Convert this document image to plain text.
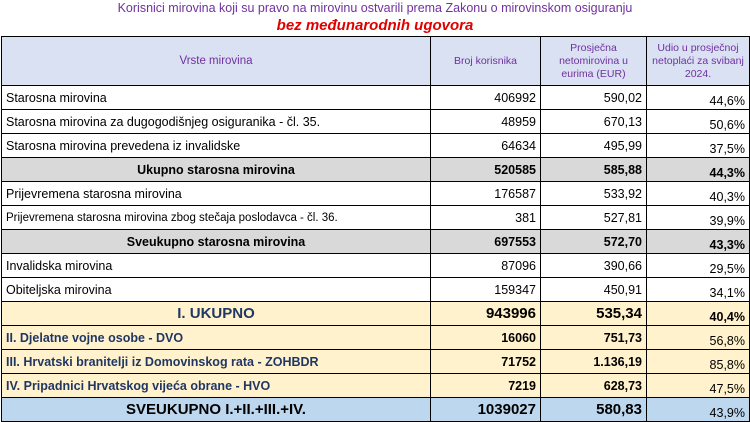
Korisnici mirovina koji su pravo na mirovinu ostvarili prema Zakonu o mirovinskom osiguranju
bez međunarodnih ugovora
Vrste mirovina	Broj korisnika	Prosječna netomirovina u eurima (EUR)	Udio u prosječnoj netoplaći za svibanj 2024.
Starosna mirovina	406992	590,02	44,6%
Starosna mirovina za dugogodišnjeg osiguranika - čl. 35.	48959	670,13	50,6%
Starosna mirovina prevedena iz invalidske	64634	495,99	37,5%
Ukupno starosna mirovina	520585	585,88	44,3%
Prijevremena starosna mirovina	176587	533,92	40,3%
Prijevremena starosna mirovina zbog stečaja poslodavca - čl. 36.	381	527,81	39,9%
Sveukupno starosna mirovina	697553	572,70	43,3%
Invalidska mirovina	87096	390,66	29,5%
Obiteljska mirovina	159347	450,91	34,1%
I. UKUPNO	943996	535,34	40,4%
II. Djelatne vojne osobe - DVO	16060	751,73	56,8%
III. Hrvatski branitelji iz Domovinskog rata - ZOHBDR	71752	1.136,19	85,8%
IV. Pripadnici Hrvatskog vijeća obrane - HVO	7219	628,73	47,5%
SVEUKUPNO I.+II.+III.+IV.	1039027	580,83	43,9%
